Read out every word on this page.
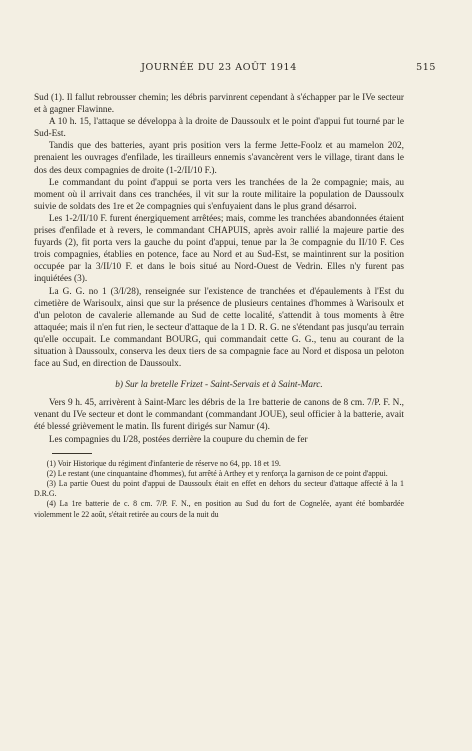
JOURNÉE DU 23 AOÛT 1914	515

Sud (1). Il fallut rebrousser chemin; les débris parvinrent cependant à s'échapper par le IVe secteur et à gagner Flawinne.

A 10 h. 15, l'attaque se développa à la droite de Daussoulx et le point d'appui fut tourné par le Sud-Est.

Tandis que des batteries, ayant pris position vers la ferme Jette-Foolz et au mamelon 202, prenaient les ouvrages d'enfilade, les tirailleurs ennemis s'avancèrent vers le village, tirant dans le dos des deux compagnies de droite (1-2/II/10 F.).

Le commandant du point d'appui se porta vers les tranchées de la 2e compagnie; mais, au moment où il arrivait dans ces tranchées, il vit sur la route militaire la population de Daussoulx suivie de soldats des 1re et 2e compagnies qui s'enfuyaient dans le plus grand désarroi.

Les 1-2/II/10 F. furent énergiquement arrêtées; mais, comme les tranchées abandonnées étaient prises d'enfilade et à revers, le commandant CHAPUIS, après avoir rallié la majeure partie des fuyards (2), fit porta vers la gauche du point d'appui, tenue par la 3e compagnie du II/10 F. Ces trois compagnies, établies en potence, face au Nord et au Sud-Est, se maintinrent sur la position occupée par la 3/II/10 F. et dans le bois situé au Nord-Ouest de Vedrin. Elles n'y furent pas inquiétées (3).

La G. G. no 1 (3/I/28), renseignée sur l'existence de tranchées et d'épaulements à l'Est du cimetière de Warisoulx, ainsi que sur la présence de plusieurs centaines d'hommes à Warisoulx et d'un peloton de cavalerie allemande au Sud de cette localité, s'attendit à tous moments à être attaquée; mais il n'en fut rien, le secteur d'attaque de la 1 D. R. G. ne s'étendant pas jusqu'au terrain qu'elle occupait. Le commandant BOURG, qui commandait cette G. G., tenu au courant de la situation à Daussoulx, conserva les deux tiers de sa compagnie face au Nord et disposa un peloton face au Sud, en direction de Daussoulx.

b) Sur la bretelle Frizet - Saint-Servais et à Saint-Marc.

Vers 9 h. 45, arrivèrent à Saint-Marc les débris de la 1re batterie de canons de 8 cm. 7/P. F. N., venant du IVe secteur et dont le commandant (commandant JOUE), seul officier à la batterie, avait été blessé grièvement le matin. Ils furent dirigés sur Namur (4).

Les compagnies du I/28, postées derrière la coupure du chemin de fer

(1) Voir Historique du régiment d'infanterie de réserve no 64, pp. 18 et 19.

(2) Le restant (une cinquantaine d'hommes), fut arrêté à Arthey et y renforça la garnison de ce point d'appui.

(3) La partie Ouest du point d'appui de Daussoulx était en effet en dehors du secteur d'attaque affecté à la 1 D.R.G.

(4) La 1re batterie de c. 8 cm. 7/P. F. N., en position au Sud du fort de Cognelée, ayant été bombardée violemment le 22 août, s'était retirée au cours de la nuit du
